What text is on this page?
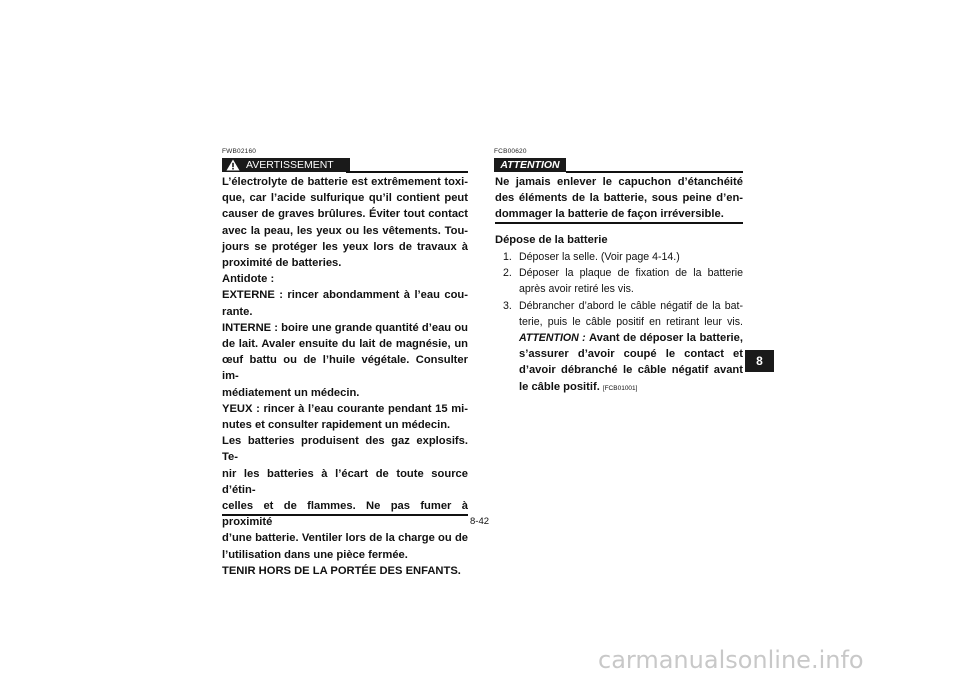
FWB02160
AVERTISSEMENT
L’électrolyte de batterie est extrêmement toxi-
que, car l’acide sulfurique qu’il contient peut
causer de graves brûlures. Éviter tout contact
avec la peau, les yeux ou les vêtements. Tou-
jours se protéger les yeux lors de travaux à
proximité de batteries.
Antidote :
EXTERNE : rincer abondamment à l’eau cou-
rante.
INTERNE : boire une grande quantité d’eau ou
de lait. Avaler ensuite du lait de magnésie, un
œuf battu ou de l’huile végétale. Consulter im-
médiatement un médecin.
YEUX : rincer à l’eau courante pendant 15 mi-
nutes et consulter rapidement un médecin.
Les batteries produisent des gaz explosifs. Te-
nir les batteries à l’écart de toute source d’étin-
celles et de flammes. Ne pas fumer à proximité
d’une batterie. Ventiler lors de la charge ou de
l’utilisation dans une pièce fermée.
TENIR HORS DE LA PORTÉE DES ENFANTS.
FCB00620
ATTENTION
Ne jamais enlever le capuchon d’étanchéité
des éléments de la batterie, sous peine d’en-
dommager la batterie de façon irréversible.
Dépose de la batterie
1. Déposer la selle. (Voir page 4-14.)
2. Déposer la plaque de fixation de la batterie après avoir retiré les vis.
3. Débrancher d’abord le câble négatif de la bat-terie, puis le câble positif en retirant leur vis. ATTENTION : Avant de déposer la batterie, s’assurer d’avoir coupé le contact et d’avoir débranché le câble négatif avant le câble positif. [FCB01001]
8-42
8
carmanualsonline.info
